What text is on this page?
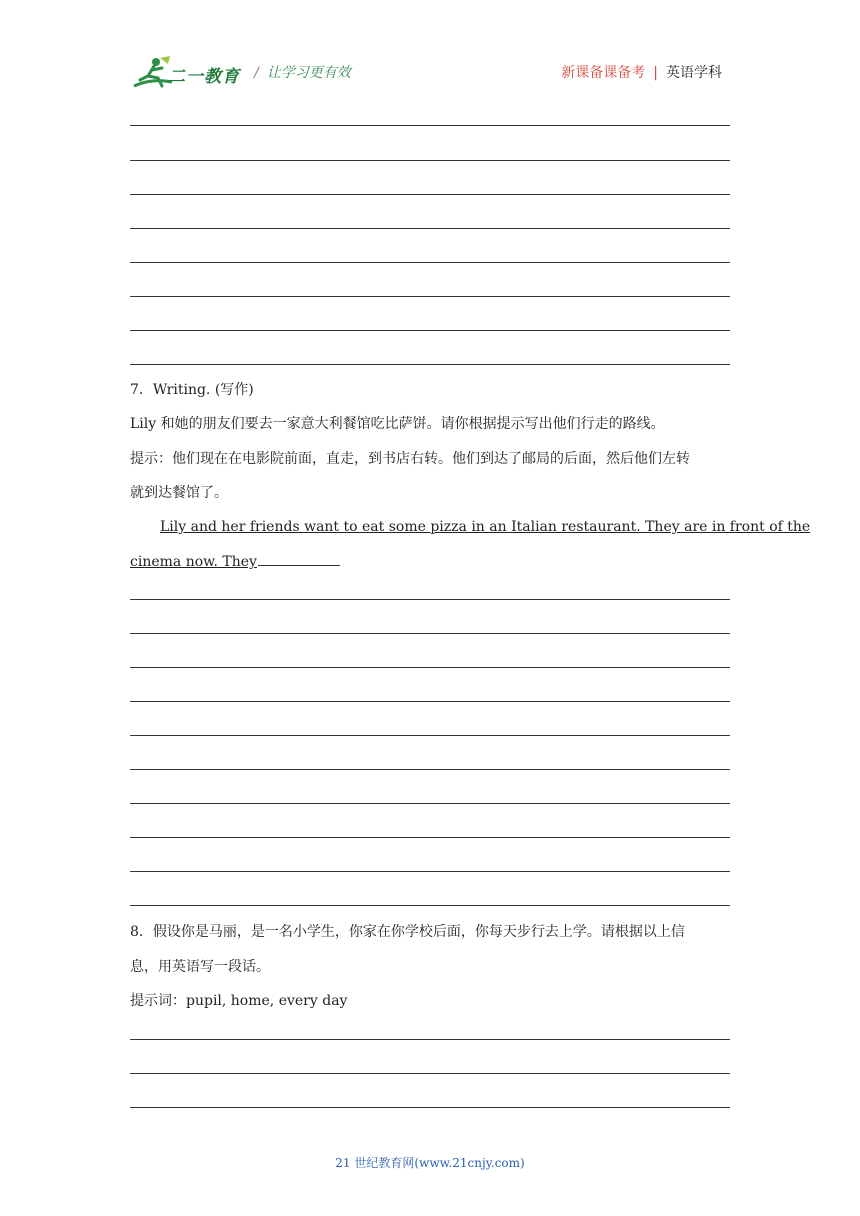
二一教育 / 让学习更有效	新课备课备考 | 英语学科
7．Writing. (写作)
Lily 和她的朋友们要去一家意大利餐馆吃比萨饼。请你根据提示写出他们行走的路线。
提示：他们现在在电影院前面，直走，到书店右转。他们到达了邮局的后面，然后他们左转
就到达餐馆了。
Lily and her friends want to eat some pizza in an Italian restaurant. They are in front of the
cinema now. They
8．假设你是马丽，是一名小学生，你家在你学校后面，你每天步行去上学。请根据以上信
息，用英语写一段话。
提示词：pupil, home, every day
21 世纪教育网(www.21cnjy.com)
